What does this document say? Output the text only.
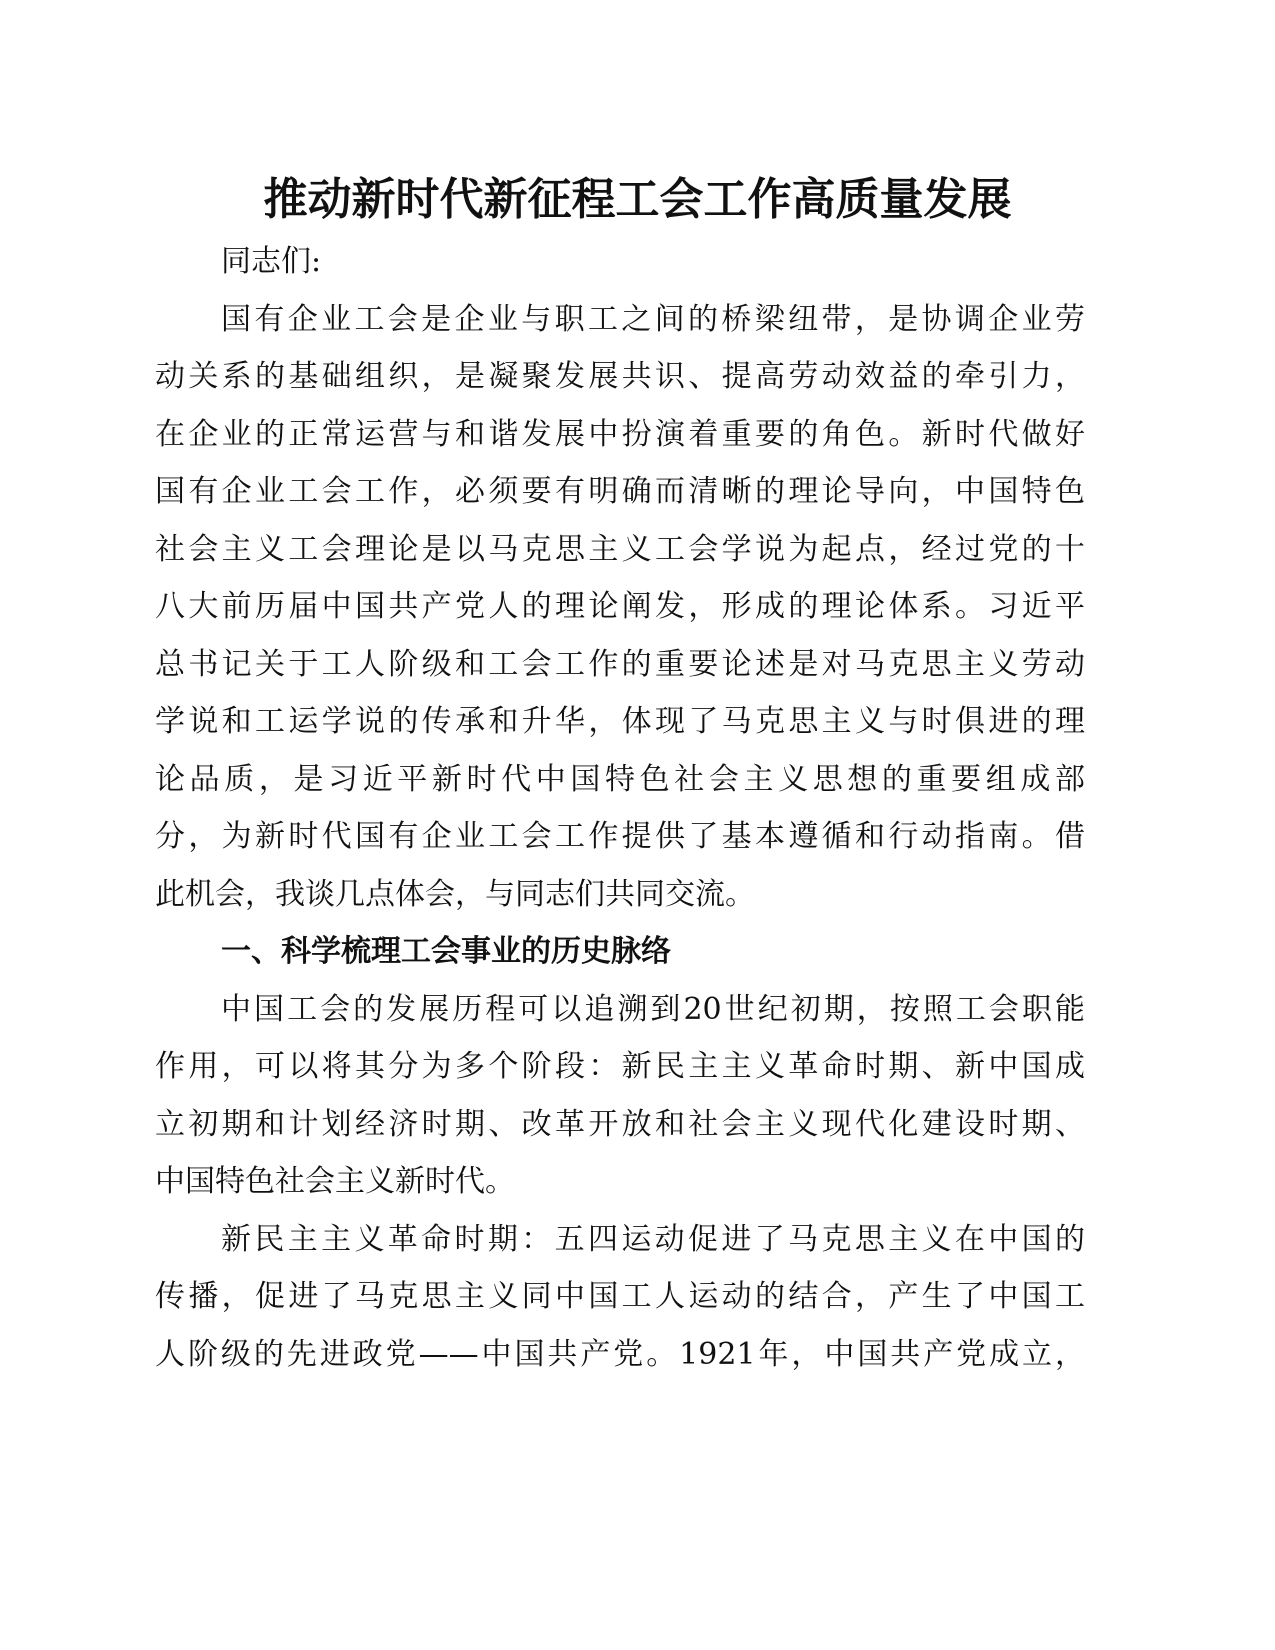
推动新时代新征程工会工作高质量发展
同志们:
国有企业工会是企业与职工之间的桥梁纽带，是协调企业劳
动关系的基础组织，是凝聚发展共识、提高劳动效益的牵引力，
在企业的正常运营与和谐发展中扮演着重要的角色。新时代做好
国有企业工会工作，必须要有明确而清晰的理论导向，中国特色
社会主义工会理论是以马克思主义工会学说为起点，经过党的十
八大前历届中国共产党人的理论阐发，形成的理论体系。习近平
总书记关于工人阶级和工会工作的重要论述是对马克思主义劳动
学说和工运学说的传承和升华，体现了马克思主义与时俱进的理
论品质，是习近平新时代中国特色社会主义思想的重要组成部
分，为新时代国有企业工会工作提供了基本遵循和行动指南。借
此机会，我谈几点体会，与同志们共同交流。
一、科学梳理工会事业的历史脉络
中国工会的发展历程可以追溯到20世纪初期，按照工会职能
作用，可以将其分为多个阶段：新民主主义革命时期、新中国成
立初期和计划经济时期、改革开放和社会主义现代化建设时期、
中国特色社会主义新时代。
新民主主义革命时期：五四运动促进了马克思主义在中国的
传播，促进了马克思主义同中国工人运动的结合，产生了中国工
人阶级的先进政党——中国共产党。1921年，中国共产党成立，
